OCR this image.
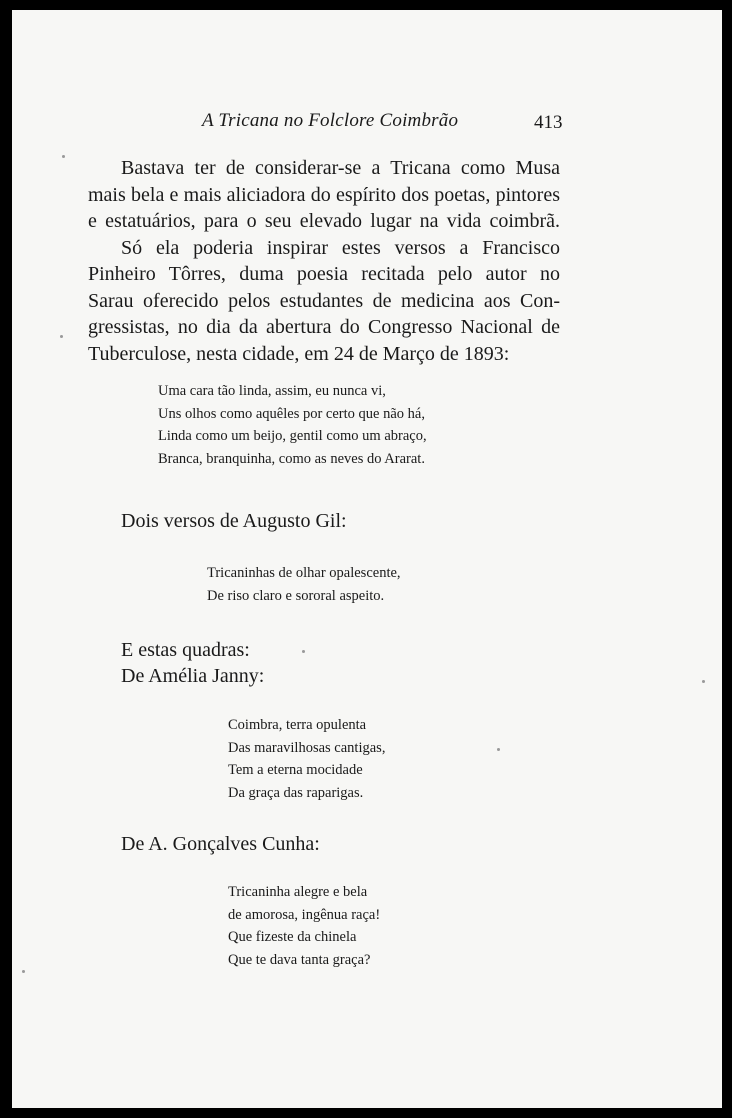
A Tricana no Folclore Coimbrão	413
Bastava ter de considerar-se a Tricana como Musa
mais bela e mais aliciadora do espírito dos poetas, pintores
e estatuários, para o seu elevado lugar na vida coimbrã.
Só ela poderia inspirar estes versos a Francisco
Pinheiro Tôrres, duma poesia recitada pelo autor no
Sarau oferecido pelos estudantes de medicina aos Con-
gressistas, no dia da abertura do Congresso Nacional de
Tuberculose, nesta cidade, em 24 de Março de 1893:
Uma cara tão linda, assim, eu nunca vi,
Uns olhos como aquêles por certo que não há,
Linda como um beijo, gentil como um abraço,
Branca, branquinha, como as neves do Ararat.
Dois versos de Augusto Gil:
Tricaninhas de olhar opalescente,
De riso claro e sororal aspeito.
E estas quadras:
De Amélia Janny:
Coimbra, terra opulenta
Das maravilhosas cantigas,
Tem a eterna mocidade
Da graça das raparigas.
De A. Gonçalves Cunha:
Tricaninha alegre e bela
de amorosa, ingênua raça!
Que fizeste da chinela
Que te dava tanta graça?
